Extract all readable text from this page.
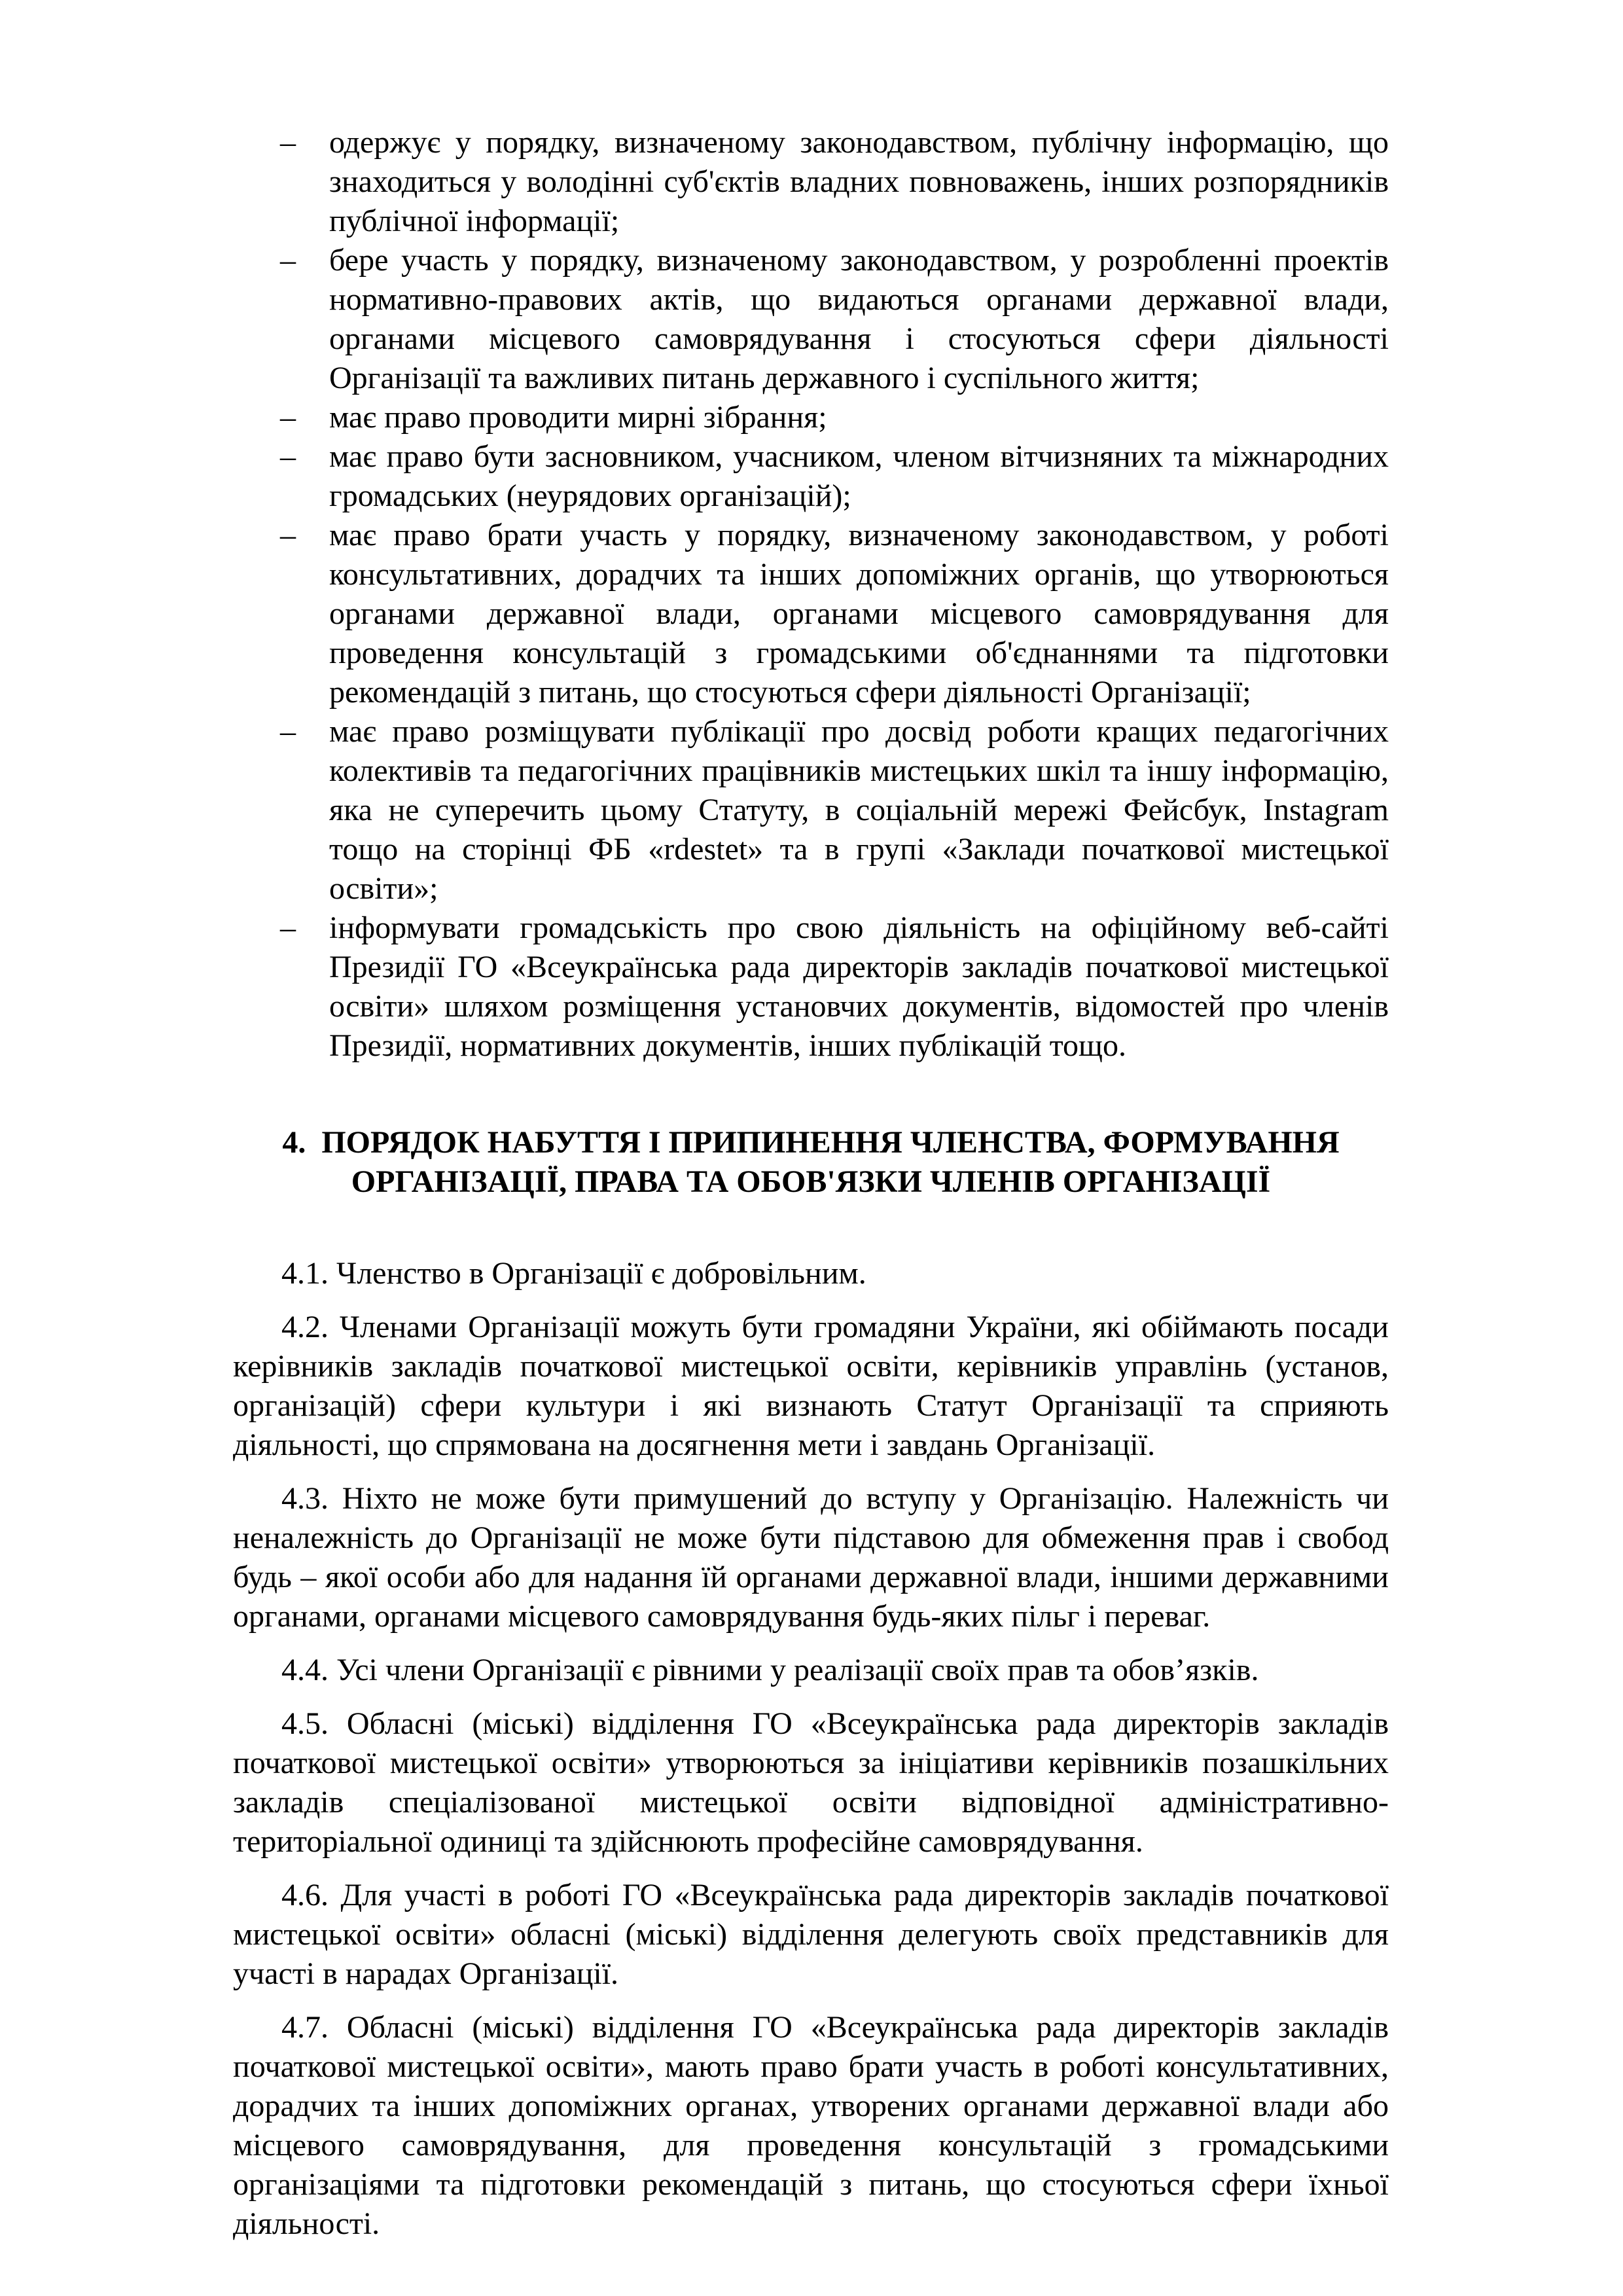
– одержує у порядку, визначеному законодавством, публічну інформацію, що знаходиться у володінні суб'єктів владних повноважень, інших розпорядників публічної інформації;
– бере участь у порядку, визначеному законодавством, у розробленні проектів нормативно-правових актів, що видаються органами державної влади, органами місцевого самоврядування і стосуються сфери діяльності Організації та важливих питань державного і суспільного життя;
– має право проводити мирні зібрання;
– має право бути засновником, учасником, членом вітчизняних та міжнародних громадських (неурядових організацій);
– має право брати участь у порядку, визначеному законодавством, у роботі консультативних, дорадчих та інших допоміжних органів, що утворюються органами державної влади, органами місцевого самоврядування для проведення консультацій з громадськими об'єднаннями та підготовки рекомендацій з питань, що стосуються сфери діяльності Організації;
– має право розміщувати публікації про досвід роботи кращих педагогічних колективів та педагогічних працівників мистецьких шкіл та іншу інформацію, яка не суперечить цьому Статуту, в соціальній мережі Фейсбук, Instagram тощо на сторінці ФБ «rdestet» та в групі «Заклади початкової мистецької освіти»;
– інформувати громадськість про свою діяльність на офіційному веб-сайті Президії ГО «Всеукраїнська рада директорів закладів початкової мистецької освіти» шляхом розміщення установчих документів, відомостей про членів Президії, нормативних документів, інших публікацій тощо.
4.  ПОРЯДОК НАБУТТЯ І ПРИПИНЕННЯ ЧЛЕНСТВА, ФОРМУВАННЯ
ОРГАНІЗАЦІЇ, ПРАВА ТА ОБОВ'ЯЗКИ ЧЛЕНІВ ОРГАНІЗАЦІЇ

4.1. Членство в Організації є добровільним.

4.2. Членами Організації можуть бути громадяни України, які обіймають посади керівників закладів початкової мистецької освіти, керівників управлінь (установ, організацій) сфери культури і які визнають Статут Організації та сприяють діяльності, що спрямована на досягнення мети і завдань Організації.

4.3. Ніхто не може бути примушений до вступу у Організацію. Належність чи неналежність до Організації не може бути підставою для обмеження прав і свобод будь – якої особи або для надання їй органами державної влади, іншими державними органами, органами місцевого самоврядування будь-яких пільг і переваг.

4.4. Усі члени Організації є рівними у реалізації своїх прав та обов’язків.

4.5. Обласні (міські) відділення ГО «Всеукраїнська рада директорів закладів початкової мистецької освіти» утворюються за ініціативи керівників позашкільних закладів спеціалізованої мистецької освіти відповідної адміністративно-територіальної одиниці та здійснюють професійне самоврядування.

4.6. Для участі в роботі ГО «Всеукраїнська рада директорів закладів початкової мистецької освіти» обласні (міські) відділення делегують своїх представників для участі в нарадах Організації.

4.7. Обласні (міські) відділення ГО «Всеукраїнська рада директорів закладів початкової мистецької освіти», мають право брати участь в роботі консультативних, дорадчих та інших допоміжних органах, утворених органами державної влади або місцевого самоврядування, для проведення консультацій з громадськими організаціями та підготовки рекомендацій з питань, що стосуються сфери їхньої діяльності.
